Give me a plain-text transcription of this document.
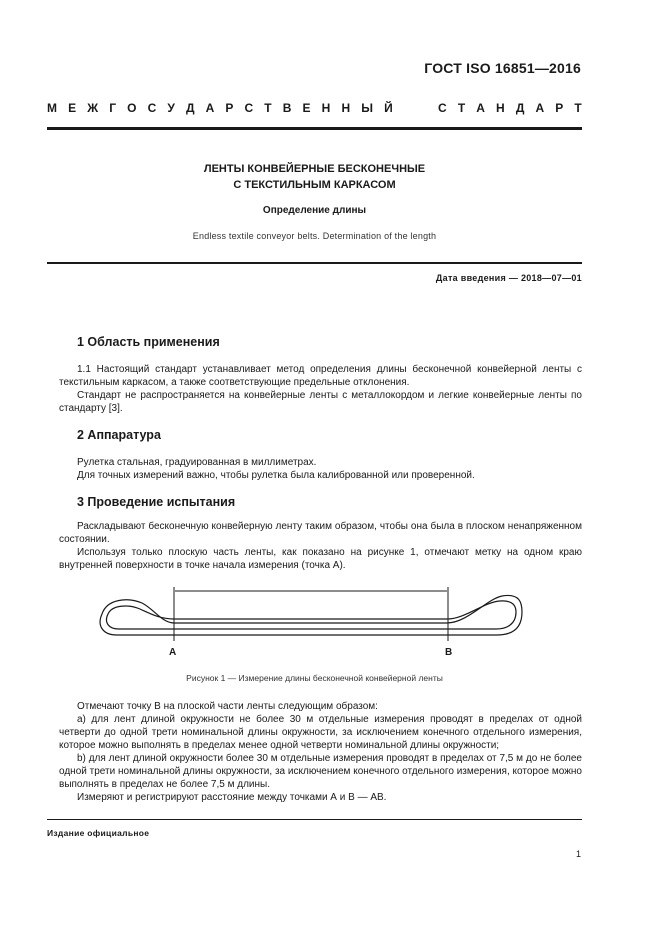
ГОСТ ISO 16851—2016
М Е Ж Г О С У Д А Р С Т В Е Н Н Ы Й	С Т А Н Д А Р Т
ЛЕНТЫ КОНВЕЙЕРНЫЕ БЕСКОНЕЧНЫЕ
С ТЕКСТИЛЬНЫМ КАРКАСОМ
Определение длины
Endless textile conveyor belts. Determination of the length
Дата введения — 2018—07—01
1 Область применения

1.1 Настоящий стандарт устанавливает метод определения длины бесконечной конвейерной ленты с текстильным каркасом, а также соответствующие предельные отклонения.

Стандарт не распространяется на конвейерные ленты с металлокордом и легкие конвейерные ленты по стандарту [3].

2 Аппаратура

Рулетка стальная, градуированная в миллиметрах.

Для точных измерений важно, чтобы рулетка была калиброванной или проверенной.

3 Проведение испытания

Раскладывают бесконечную конвейерную ленту таким образом, чтобы она была в плоском ненапряженном состоянии.

Используя только плоскую часть ленты, как показано на рисунке 1, отмечают метку на одном краю внутренней поверхности в точке начала измерения (точка А).

A	B
Рисунок 1 — Измерение длины бесконечной конвейерной ленты

Отмечают точку В на плоской части ленты следующим образом:

а) для лент длиной окружности не более 30 м отдельные измерения проводят в пределах от одной четверти до одной трети номинальной длины окружности, за исключением конечного отдельного измерения, которое можно выполнять в пределах менее одной четверти номинальной длины окружности;

b) для лент длиной окружности более 30 м отдельные измерения проводят в пределах от 7,5 м до не более одной трети номинальной длины окружности, за исключением конечного отдельного измерения, которое можно выполнять в пределах не более 7,5 м длины.

Измеряют и регистрируют расстояние между точками А и В — АВ.

Издание официальное
1
